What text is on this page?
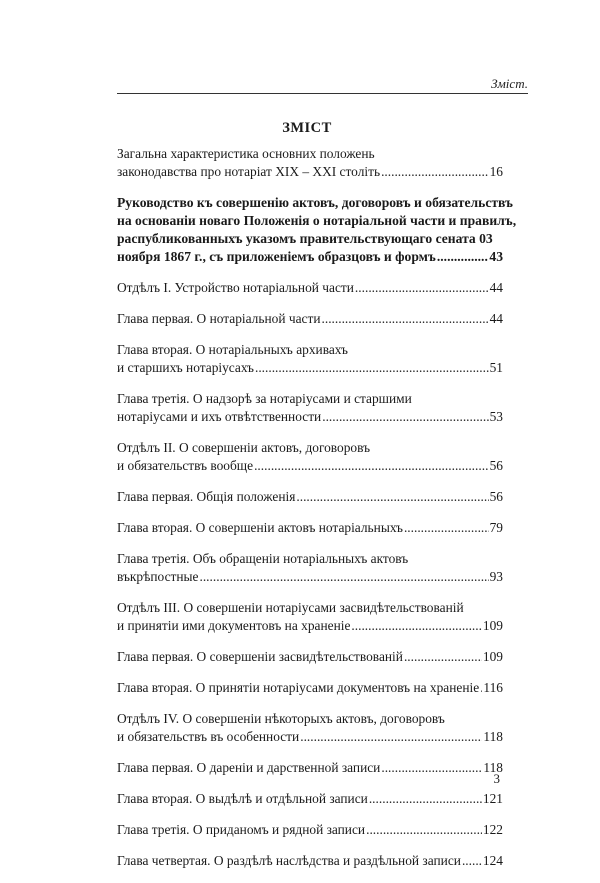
Зміст.
ЗМІСТ
Загальна характеристика основних положень
законодавства про нотаріат XIX – XXI століть .....	16
Руководство къ совершенію актовъ, договоровъ и обязательствъ
на основаніи новаго Положенія о нотаріальной части и правилъ,
распубликованныхъ указомъ правительствующаго сената 03
ноября 1867 г., съ приложеніемъ образцовъ и формъ .....	43
Отдѣлъ I. Устройство нотаріальной части .....	44
Глава первая. О нотаріальной части .....	44
Глава вторая. О нотаріальныхъ архивахъ
и старшихъ нотаріусахъ .....	51
Глава третія. О надзорѣ за нотаріусами и старшими
нотаріусами и ихъ отвѣтственности .....	53
Отдѣлъ II. О совершеніи актовъ, договоровъ
и обязательствъ вообще .....	56
Глава первая. Общія положенія .....	56
Глава вторая. О совершеніи актовъ нотаріальныхъ .....	79
Глава третія. Объ обращеніи нотаріальныхъ актовъ
въкрѣпостные .....	93
Отдѣлъ III. О совершеніи нотаріусами засвидѣтельствованій
и принятіи ими документовъ на храненіе .....	109
Глава первая. О совершеніи засвидѣтельствованій .....	109
Глава вторая. О принятіи нотаріусами документовъ на храненіе ..... 116
Отдѣлъ IV. О совершеніи нѣкоторыхъ актовъ, договоровъ
и обязательствъ въ особенности .....	118
Глава первая. О дареніи и дарственной записи .....	118
Глава вторая. О выдѣлѣ и отдѣльной записи .....	121
Глава третія. О приданомъ и рядной записи .....	122
Глава четвертая. О раздѣлѣ наслѣдства и раздѣльной записи ..... 124
3
